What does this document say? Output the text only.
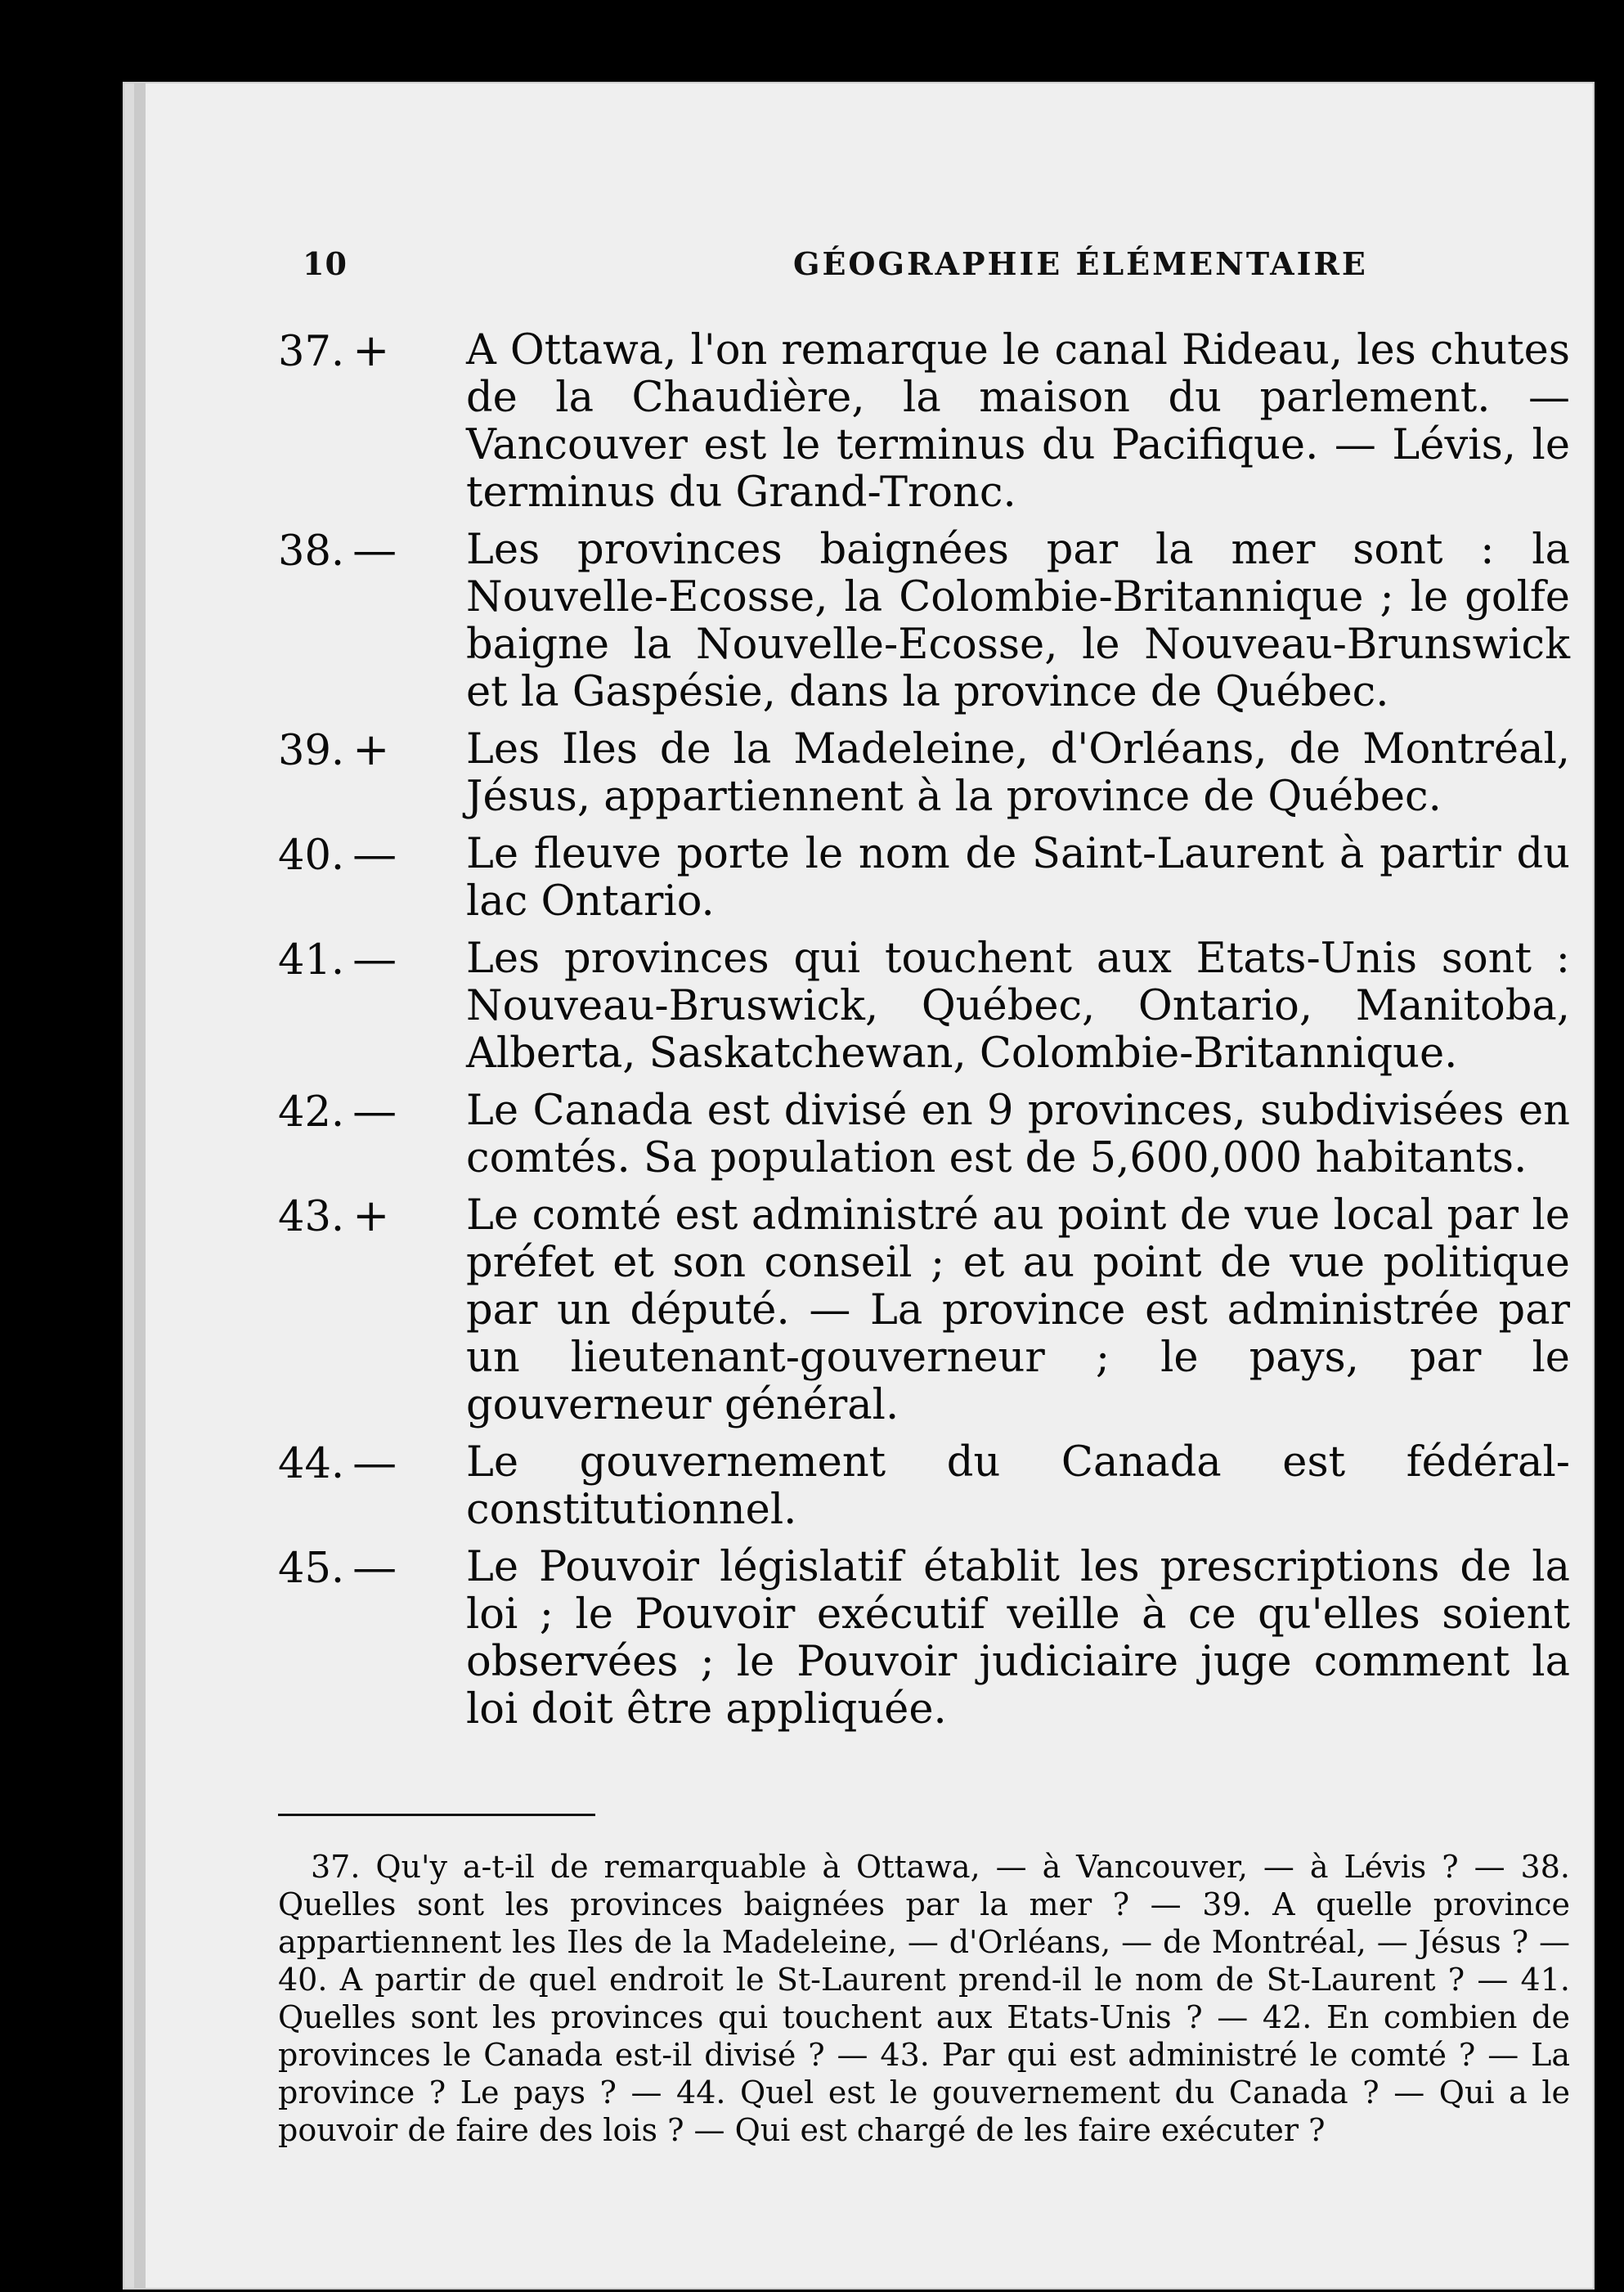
10	GÉOGRAPHIE ÉLÉMENTAIRE
37. +	A Ottawa, l'on remarque le canal Rideau, les chutes de la Chaudière, la maison du parlement. — Vancouver est le terminus du Pacifique. — Lévis, le terminus du Grand-Tronc.
38. —	Les provinces baignées par la mer sont : la Nouvelle-Ecosse, la Colombie-Britannique ; le golfe baigne la Nouvelle-Ecosse, le Nouveau-Brunswick et la Gaspésie, dans la province de Québec.
39. +	Les Iles de la Madeleine, d'Orléans, de Montréal, Jésus, appartiennent à la province de Québec.
40. —	Le fleuve porte le nom de Saint-Laurent à partir du lac Ontario.
41. —	Les provinces qui touchent aux Etats-Unis sont : Nouveau-Bruswick, Québec, Ontario, Manitoba, Alberta, Saskatchewan, Colombie-Britannique.
42. —	Le Canada est divisé en 9 provinces, subdivisées en comtés. Sa population est de 5,600,000 habitants.
43. +	Le comté est administré au point de vue local par le préfet et son conseil ; et au point de vue politique par un député. — La province est administrée par un lieutenant-gouverneur ; le pays, par le gouverneur général.
44. —	Le gouvernement du Canada est fédéral-constitutionnel.
45. —	Le Pouvoir législatif établit les prescriptions de la loi ; le Pouvoir exécutif veille à ce qu'elles soient observées ; le Pouvoir judiciaire juge comment la loi doit être appliquée.
37. Qu'y a-t-il de remarquable à Ottawa, — à Vancouver, — à Lévis ? — 38. Quelles sont les provinces baignées par la mer ? — 39. A quelle province appartiennent les Iles de la Madeleine, — d'Orléans, — de Montréal, — Jésus ? — 40. A partir de quel endroit le St-Laurent prend-il le nom de St-Laurent ? — 41. Quelles sont les provinces qui touchent aux Etats-Unis ? — 42. En combien de provinces le Canada est-il divisé ? — 43. Par qui est administré le comté ? — La province ? Le pays ? — 44. Quel est le gouvernement du Canada ? — Qui a le pouvoir de faire des lois ? — Qui est chargé de les faire exécuter ?
